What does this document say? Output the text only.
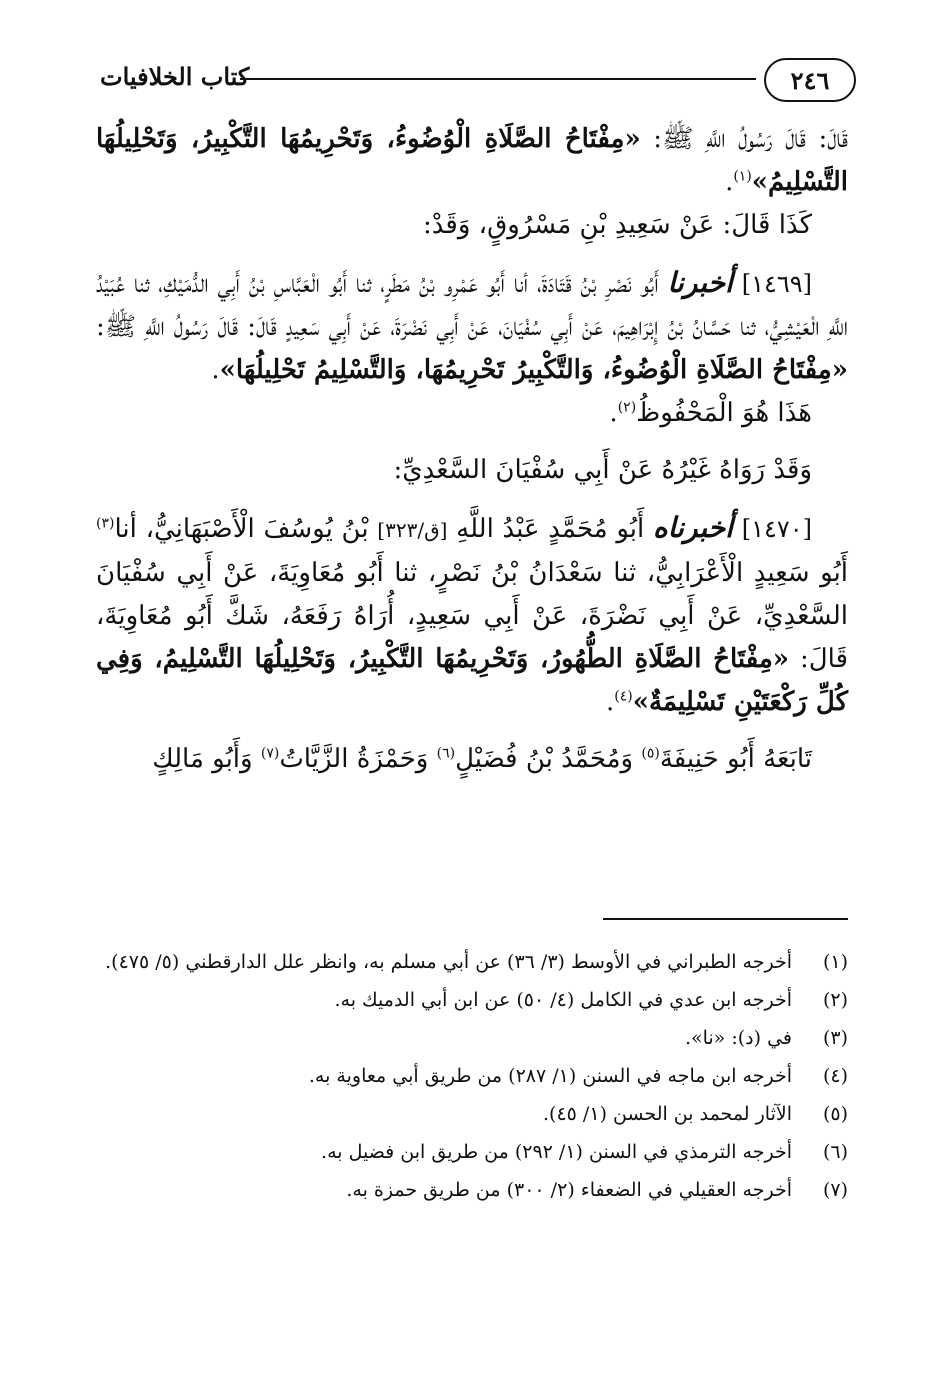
٢٤٦
كتاب الخلافيات

قَالَ: قَالَ رَسُولُ اللَّهِ ﷺ: «مِفْتَاحُ الصَّلَاةِ الْوُضُوءُ، وَتَحْرِيمُهَا التَّكْبِيرُ، وَتَحْلِيلُهَا التَّسْلِيمُ»$^{(١)}$.

كَذَا قَالَ: عَنْ سَعِيدِ بْنِ مَسْرُوقٍ، وَقَدْ:

[١٤٦٩] أخبرنا أَبُو نَصْرِ بْنُ قَتَادَةَ، أنا أَبُو عَمْرِو بْنُ مَطَرٍ، ثنا أَبُو الْعَبَّاسِ بْنُ أَبِي الدُّمَيْكِ، ثنا عُبَيْدُ اللَّهِ الْعَيْشِيُّ، ثنا حَسَّانُ بْنُ إِبْرَاهِيمَ، عَنْ أَبِي سُفْيَانَ، عَنْ أَبِي نَضْرَةَ، عَنْ أَبِي سَعِيدٍ قَالَ: قَالَ رَسُولُ اللَّهِ ﷺ: «مِفْتَاحُ الصَّلَاةِ الْوُضُوءُ، وَالتَّكْبِيرُ تَحْرِيمُهَا، وَالتَّسْلِيمُ تَحْلِيلُهَا».

هَذَا هُوَ الْمَحْفُوظُ$^{(٢)}$.

وَقَدْ رَوَاهُ غَيْرُهُ عَنْ أَبِي سُفْيَانَ السَّعْدِيِّ:

[١٤٧٠] أخبرناه أَبُو مُحَمَّدٍ عَبْدُ اللَّهِ [ق/٣٢٣] بْنُ يُوسُفَ الْأَصْبَهَانِيُّ، أنا$^{(٣)}$ أَبُو سَعِيدٍ الْأَعْرَابِيُّ، ثنا سَعْدَانُ بْنُ نَصْرٍ، ثنا أَبُو مُعَاوِيَةَ، عَنْ أَبِي سُفْيَانَ السَّعْدِيِّ، عَنْ أَبِي نَضْرَةَ، عَنْ أَبِي سَعِيدٍ، أُرَاهُ رَفَعَهُ، شَكَّ أَبُو مُعَاوِيَةَ، قَالَ: «مِفْتَاحُ الصَّلَاةِ الطُّهُورُ، وَتَحْرِيمُهَا التَّكْبِيرُ، وَتَحْلِيلُهَا التَّسْلِيمُ، وَفِي كُلِّ رَكْعَتَيْنِ تَسْلِيمَةٌ»$^{(٤)}$.

تَابَعَهُ أَبُو حَنِيفَةَ$^{(٥)}$ وَمُحَمَّدُ بْنُ فُضَيْلٍ$^{(٦)}$ وَحَمْزَةُ الزَّيَّاتُ$^{(٧)}$ وَأَبُو مَالِكٍ

(١)
أخرجه الطبراني في الأوسط (٣/ ٣٦) عن أبي مسلم به، وانظر علل الدارقطني (٥/ ٤٧٥).
(٢)
أخرجه ابن عدي في الكامل (٤/ ٥٠) عن ابن أبي الدميك به.
(٣)
في (د): «نا».
(٤)
أخرجه ابن ماجه في السنن (١/ ٢٨٧) من طريق أبي معاوية به.
(٥)
الآثار لمحمد بن الحسن (١/ ٤٥).
(٦)
أخرجه الترمذي في السنن (١/ ٢٩٢) من طريق ابن فضيل به.
(٧)
أخرجه العقيلي في الضعفاء (٢/ ٣٠٠) من طريق حمزة به.
